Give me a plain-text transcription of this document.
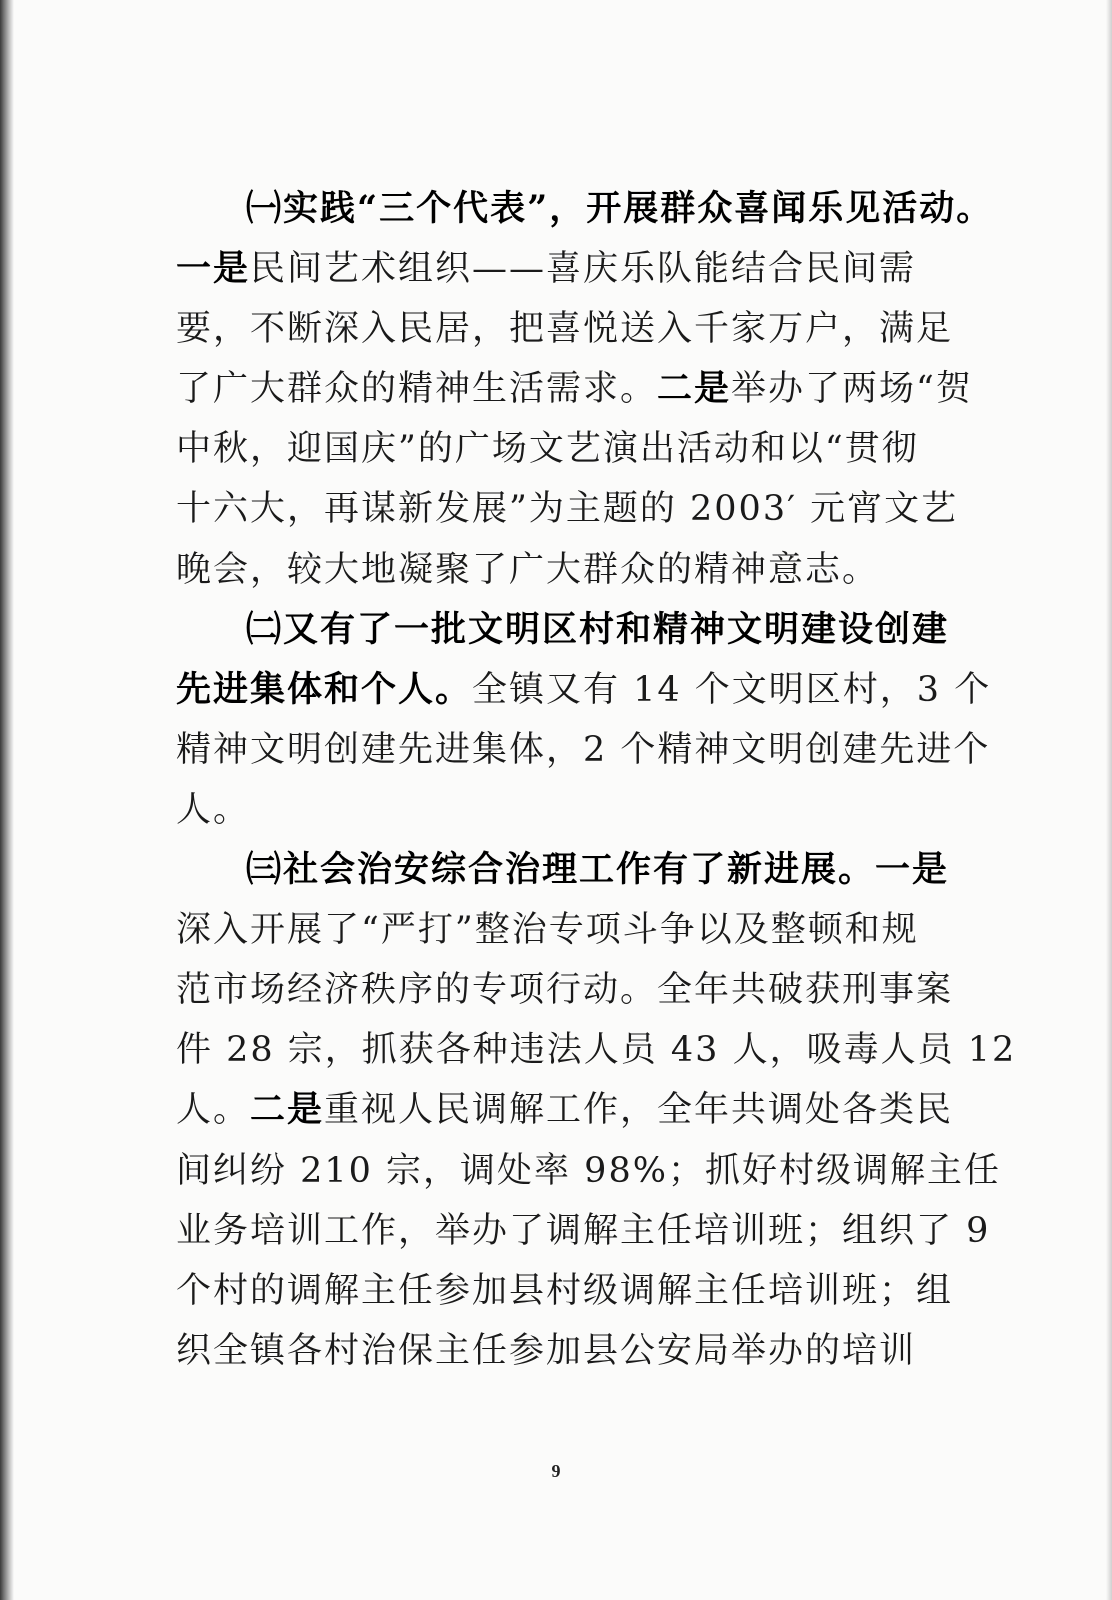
㈠实践“三个代表”，开展群众喜闻乐见活动。
一是民间艺术组织——喜庆乐队能结合民间需
要，不断深入民居，把喜悦送入千家万户，满足
了广大群众的精神生活需求。二是举办了两场“贺
中秋，迎国庆”的广场文艺演出活动和以“贯彻
十六大，再谋新发展”为主题的 2003′ 元宵文艺
晚会，较大地凝聚了广大群众的精神意志。
㈡又有了一批文明区村和精神文明建设创建
先进集体和个人。全镇又有 14 个文明区村，3 个
精神文明创建先进集体，2 个精神文明创建先进个
人。
㈢社会治安综合治理工作有了新进展。一是
深入开展了“严打”整治专项斗争以及整顿和规
范市场经济秩序的专项行动。全年共破获刑事案
件 28 宗，抓获各种违法人员 43 人，吸毒人员 12
人。二是重视人民调解工作，全年共调处各类民
间纠纷 210 宗，调处率 98%；抓好村级调解主任
业务培训工作，举办了调解主任培训班；组织了 9
个村的调解主任参加县村级调解主任培训班；组
织全镇各村治保主任参加县公安局举办的培训
9
